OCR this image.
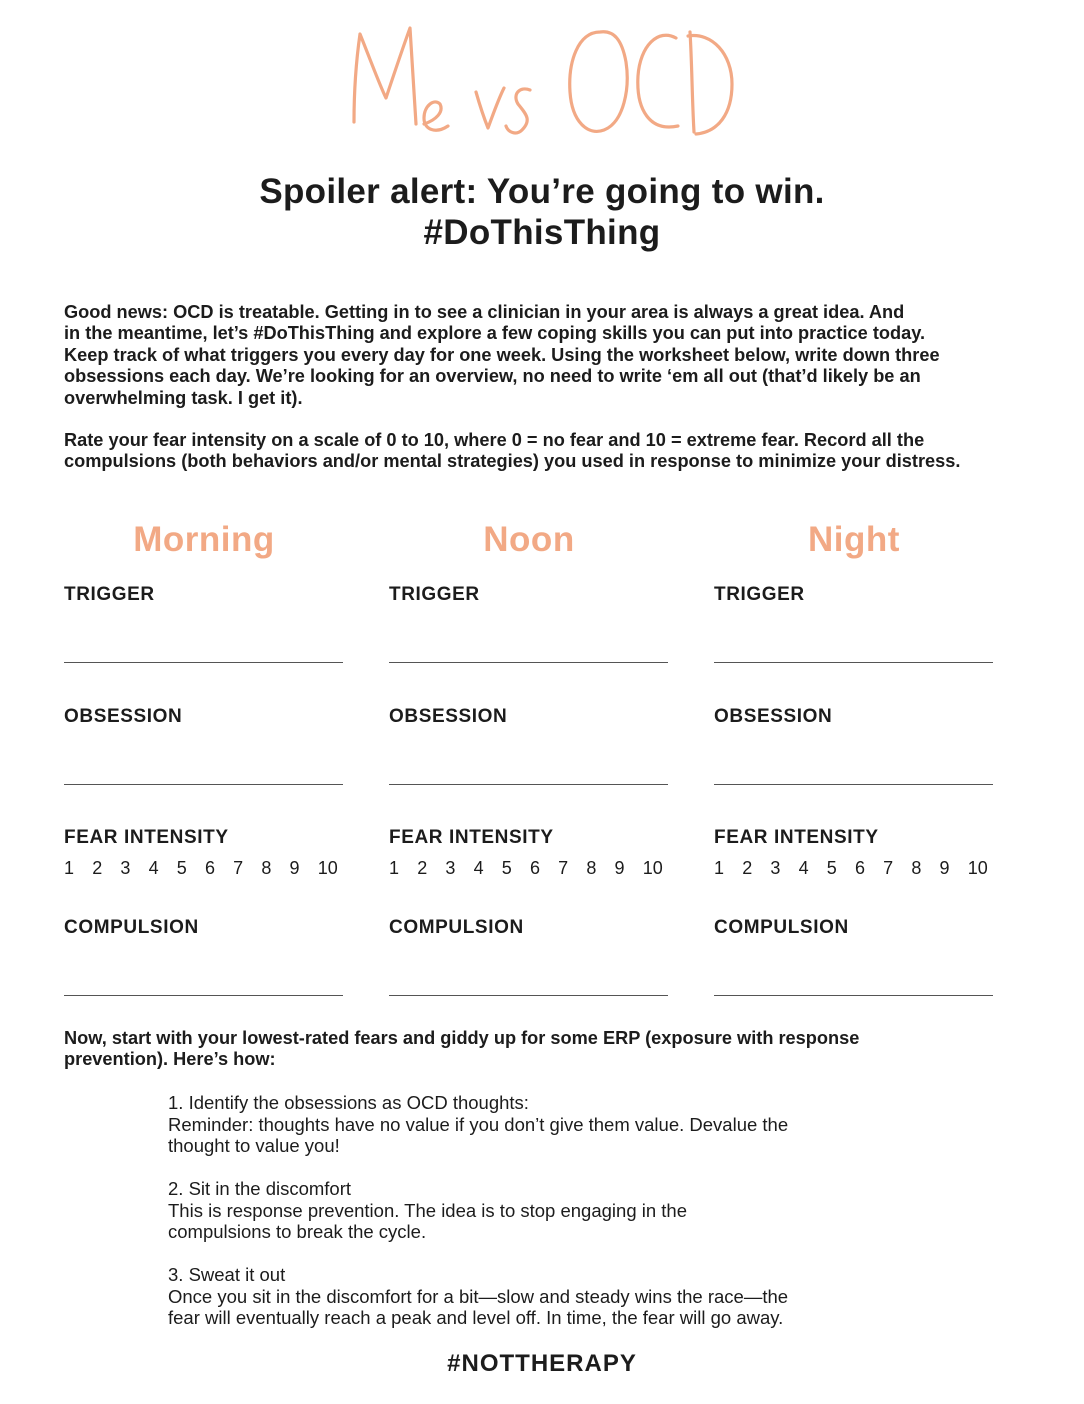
Spoiler alert: You’re going to win.
#DoThisThing
Good news: OCD is treatable. Getting in to see a clinician in your area is always a great idea. And
in the meantime, let’s #DoThisThing and explore a few coping skills you can put into practice today.
Keep track of what triggers you every day for one week. Using the worksheet below, write down three
obsessions each day. We’re looking for an overview, no need to write ‘em all out (that’d likely be an
overwhelming task. I get it).
Rate your fear intensity on a scale of 0 to 10, where 0 = no fear and 10 = extreme fear. Record all the
compulsions (both behaviors and/or mental strategies) you used in response to minimize your distress.
Morning
TRIGGER
OBSESSION
FEAR INTENSITY
1	2	3	4	5	6	7	8	9	10
COMPULSION
Noon
TRIGGER
OBSESSION
FEAR INTENSITY
1	2	3	4	5	6	7	8	9	10
COMPULSION
Night
TRIGGER
OBSESSION
FEAR INTENSITY
1	2	3	4	5	6	7	8	9	10
COMPULSION
Now, start with your lowest-rated fears and giddy up for some ERP (exposure with response
prevention). Here’s how:
1. Identify the obsessions as OCD thoughts:
Reminder: thoughts have no value if you don’t give them value. Devalue the
thought to value you!
2. Sit in the discomfort
This is response prevention. The idea is to stop engaging in the
compulsions to break the cycle.
3. Sweat it out
Once you sit in the discomfort for a bit—slow and steady wins the race—the
fear will eventually reach a peak and level off. In time, the fear will go away.
#NOTTHERAPY
